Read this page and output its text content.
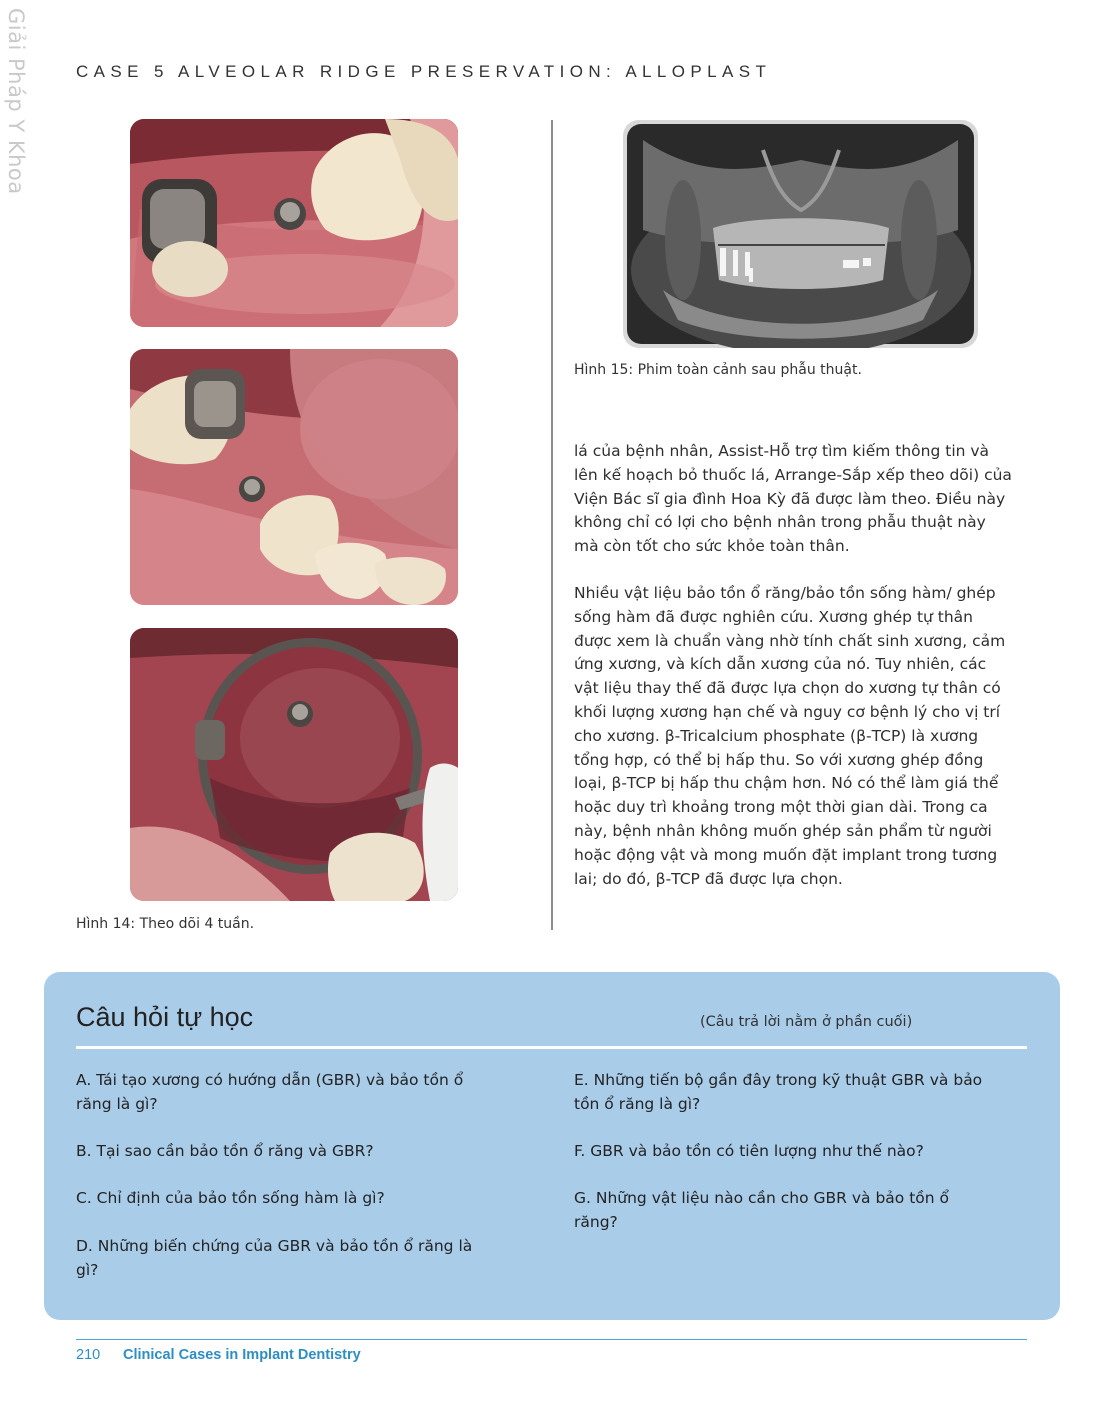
Giải Pháp Y Khoa	CASE 5 ALVEOLAR RIDGE PRESERVATION: ALLOPLAST
Hình 14: Theo dõi 4 tuần.
Hình 15: Phim toàn cảnh sau phẫu thuật.
lá của bệnh nhân, Assist-Hỗ trợ tìm kiếm thông tin và lên kế hoạch bỏ thuốc lá, Arrange-Sắp xếp theo dõi) của Viện Bác sĩ gia đình Hoa Kỳ đã được làm theo. Điều này không chỉ có lợi cho bệnh nhân trong phẫu thuật này mà còn tốt cho sức khỏe toàn thân.
Nhiều vật liệu bảo tồn ổ răng/bảo tồn sống hàm/ ghép sống hàm đã được nghiên cứu. Xương ghép tự thân được xem là chuẩn vàng nhờ tính chất sinh xương, cảm ứng xương, và kích dẫn xương của nó. Tuy nhiên, các vật liệu thay thế đã được lựa chọn do xương tự thân có khối lượng xương hạn chế và nguy cơ bệnh lý cho vị trí cho xương. β-Tricalcium phosphate (β-TCP) là xương tổng hợp, có thể bị hấp thu. So với xương ghép đồng loại, β-TCP bị hấp thu chậm hơn. Nó có thể làm giá thể hoặc duy trì khoảng trong một thời gian dài. Trong ca này, bệnh nhân không muốn ghép sản phẩm từ người hoặc động vật và mong muốn đặt implant trong tương lai; do đó, β-TCP đã được lựa chọn.
Câu hỏi tự học	(Câu trả lời nằm ở phần cuối)
A. Tái tạo xương có hướng dẫn (GBR) và bảo tồn ổ răng là gì?
B. Tại sao cần bảo tồn ổ răng và GBR?
C. Chỉ định của bảo tồn sống hàm là gì?
D. Những biến chứng của GBR và bảo tồn ổ răng là gì?
E. Những tiến bộ gần đây trong kỹ thuật GBR và bảo tồn ổ răng là gì?
F. GBR và bảo tồn có tiên lượng như thế nào?
G. Những vật liệu nào cần cho GBR và bảo tồn ổ răng?
210 Clinical Cases in Implant Dentistry
